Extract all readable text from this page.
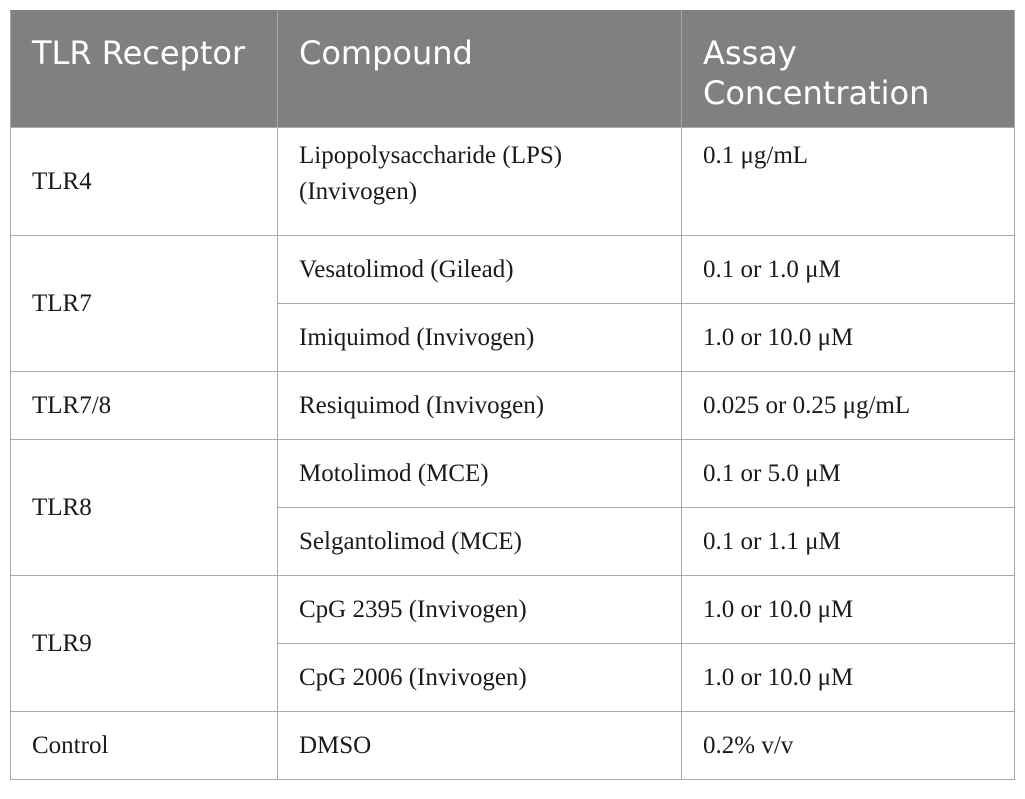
TLR Receptor	Compound	Assay Concentration
TLR4	Lipopolysaccharide (LPS) (Invivogen)	0.1 μg/mL
TLR7	Vesatolimod (Gilead)	0.1 or 1.0 μM
	Imiquimod (Invivogen)	1.0 or 10.0 μM
TLR7/8	Resiquimod (Invivogen)	0.025 or 0.25 μg/mL
TLR8	Motolimod (MCE)	0.1 or 5.0 μM
	Selgantolimod (MCE)	0.1 or 1.1 μM
TLR9	CpG 2395 (Invivogen)	1.0 or 10.0 μM
	CpG 2006 (Invivogen)	1.0 or 10.0 μM
Control	DMSO	0.2% v/v
